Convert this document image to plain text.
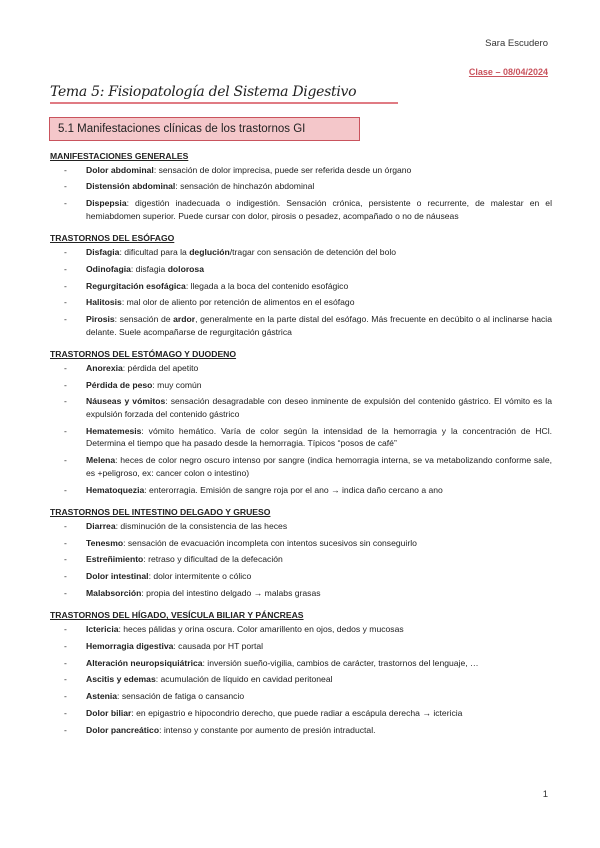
Sara Escudero
Clase – 08/04/2024
Tema 5: Fisiopatología del Sistema Digestivo
5.1 Manifestaciones clínicas de los trastornos GI

MANIFESTACIONES GENERALES

- Dolor abdominal: sensación de dolor imprecisa, puede ser referida desde un órgano
- Distensión abdominal: sensación de hinchazón abdominal
- Dispepsia: digestión inadecuada o indigestión. Sensación crónica, persistente o recurrente, de malestar en el hemiabdomen superior. Puede cursar con dolor, pirosis o pesadez, acompañado o no de náuseas

TRASTORNOS DEL ESÓFAGO

- Disfagia: dificultad para la deglución/tragar con sensación de detención del bolo
- Odinofagia: disfagia dolorosa
- Regurgitación esofágica: llegada a la boca del contenido esofágico
- Halitosis: mal olor de aliento por retención de alimentos en el esófago
- Pirosis: sensación de ardor, generalmente en la parte distal del esófago. Más frecuente en decúbito o al inclinarse hacia delante. Suele acompañarse de regurgitación gástrica

TRASTORNOS DEL ESTÓMAGO Y DUODENO

- Anorexia: pérdida del apetito
- Pérdida de peso: muy común
- Náuseas y vómitos: sensación desagradable con deseo inminente de expulsión del contenido gástrico. El vómito es la expulsión forzada del contenido gástrico
- Hematemesis: vómito hemático. Varía de color según la intensidad de la hemorragia y la concentración de HCl. Determina el tiempo que ha pasado desde la hemorragia. Típicos “posos de café”
- Melena: heces de color negro oscuro intenso por sangre (indica hemorragia interna, se va metabolizando conforme sale, es +peligroso, ex: cancer colon o intestino)
- Hematoquezia: enterorragia. Emisión de sangre roja por el ano → indica daño cercano a ano

TRASTORNOS DEL INTESTINO DELGADO Y GRUESO

- Diarrea: disminución de la consistencia de las heces
- Tenesmo: sensación de evacuación incompleta con intentos sucesivos sin conseguirlo
- Estreñimiento: retraso y dificultad de la defecación
- Dolor intestinal: dolor intermitente o cólico
- Malabsorción: propia del intestino delgado → malabs grasas

TRASTORNOS DEL HÍGADO, VESÍCULA BILIAR Y PÁNCREAS

- Ictericia: heces pálidas y orina oscura. Color amarillento en ojos, dedos y mucosas
- Hemorragia digestiva: causada por HT portal
- Alteración neuropsiquiátrica: inversión sueño-vigilia, cambios de carácter, trastornos del lenguaje, …
- Ascitis y edemas: acumulación de líquido en cavidad peritoneal
- Astenia: sensación de fatiga o cansancio
- Dolor biliar: en epigastrio e hipocondrio derecho, que puede radiar a escápula derecha → ictericia
- Dolor pancreático: intenso y constante por aumento de presión intraductal.
1
